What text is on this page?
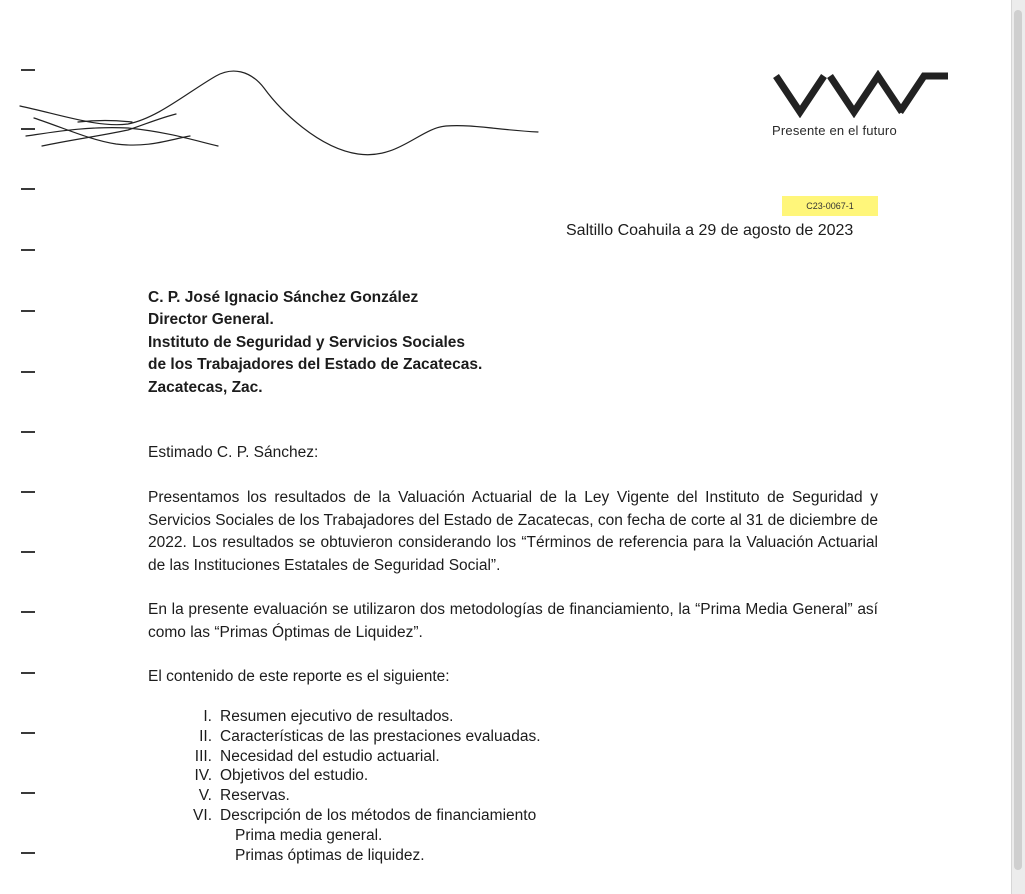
Presente en el futuro
C23-0067-1
Saltillo Coahuila a 29 de agosto de 2023
C. P. José Ignacio Sánchez González
Director General.
Instituto de Seguridad y Servicios Sociales
de los Trabajadores del Estado de Zacatecas.
Zacatecas, Zac.
Estimado C. P. Sánchez:
Presentamos los resultados de la Valuación Actuarial de la Ley Vigente del Instituto de Seguridad y Servicios Sociales de los Trabajadores del Estado de Zacatecas, con fecha de corte al 31 de diciembre de 2022. Los resultados se obtuvieron considerando los “Términos de referencia para la Valuación Actuarial de las Instituciones Estatales de Seguridad Social”.
En la presente evaluación se utilizaron dos metodologías de financiamiento, la “Prima Media General” así como las “Primas Óptimas de Liquidez”.
El contenido de este reporte es el siguiente:
I. Resumen ejecutivo de resultados.
II. Características de las prestaciones evaluadas.
III. Necesidad del estudio actuarial.
IV. Objetivos del estudio.
V. Reservas.
VI. Descripción de los métodos de financiamiento
Prima media general.
Primas óptimas de liquidez.
